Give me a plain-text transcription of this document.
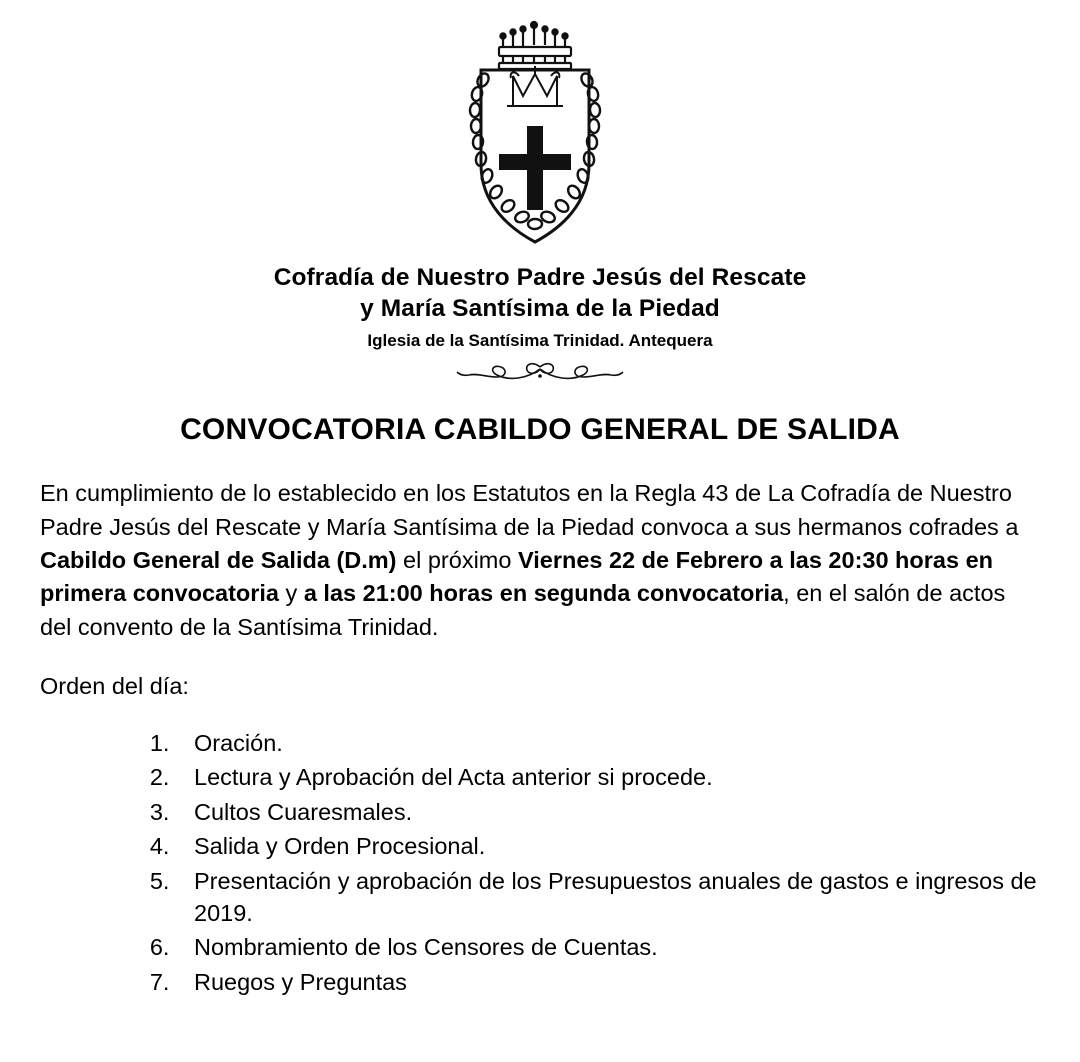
Cofradía de Nuestro Padre Jesús del Rescate
y María Santísima de la Piedad
Iglesia de la Santísima Trinidad. Antequera
CONVOCATORIA CABILDO GENERAL DE SALIDA

En cumplimiento de lo establecido en los Estatutos en la Regla 43 de La Cofradía de Nuestro Padre Jesús del Rescate y María Santísima de la Piedad convoca a sus hermanos cofrades a Cabildo General de Salida (D.m) el próximo Viernes 22 de Febrero a las 20:30 horas en primera convocatoria y a las 21:00 horas en segunda convocatoria, en el salón de actos del convento de la Santísima Trinidad.

Orden del día:

1. Oración.
2. Lectura y Aprobación del Acta anterior si procede.
3. Cultos Cuaresmales.
4. Salida y Orden Procesional.
5. Presentación y aprobación de los Presupuestos anuales de gastos e ingresos de 2019.
6. Nombramiento de los Censores de Cuentas.
7. Ruegos y Preguntas
